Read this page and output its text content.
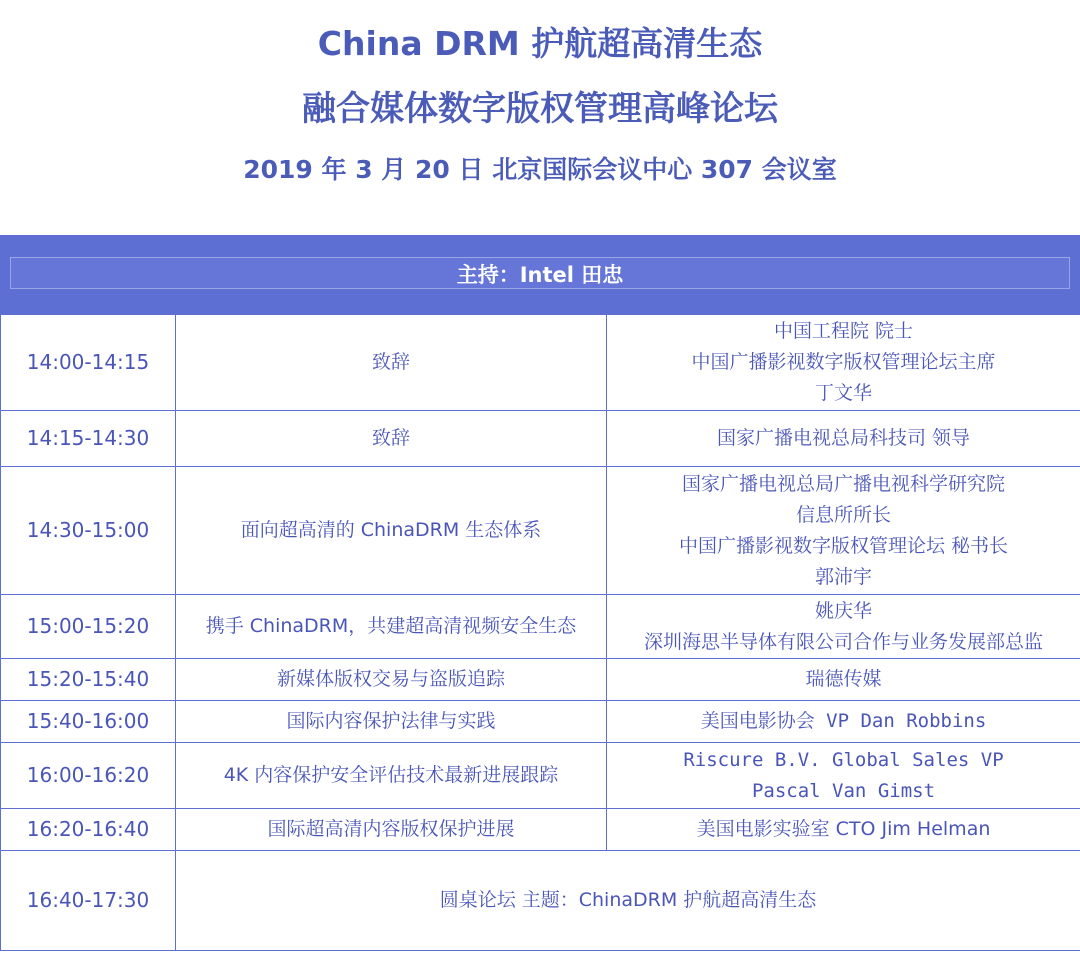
China DRM 护航超高清生态
融合媒体数字版权管理高峰论坛
2019 年 3 月 20 日 北京国际会议中心 307 会议室
主持：Intel 田忠
14:00-14:15	致辞	中国工程院 院士
中国广播影视数字版权管理论坛主席
丁文华

14:15-14:30	致辞	国家广播电视总局科技司 领导

14:30-15:00	面向超高清的 ChinaDRM 生态体系	国家广播电视总局广播电视科学研究院
信息所所长
中国广播影视数字版权管理论坛 秘书长
郭沛宇

15:00-15:20	携手 ChinaDRM，共建超高清视频安全生态	姚庆华
深圳海思半导体有限公司合作与业务发展部总监

15:20-15:40	新媒体版权交易与盗版追踪	瑞德传媒

15:40-16:00	国际内容保护法律与实践	美国电影协会 VP Dan Robbins

16:00-16:20	4K 内容保护安全评估技术最新进展跟踪	Riscure B.V. Global Sales VP
Pascal Van Gimst

16:20-16:40	国际超高清内容版权保护进展	美国电影实验室 CTO Jim Helman

16:40-17:30	圆桌论坛 主题：ChinaDRM 护航超高清生态	
